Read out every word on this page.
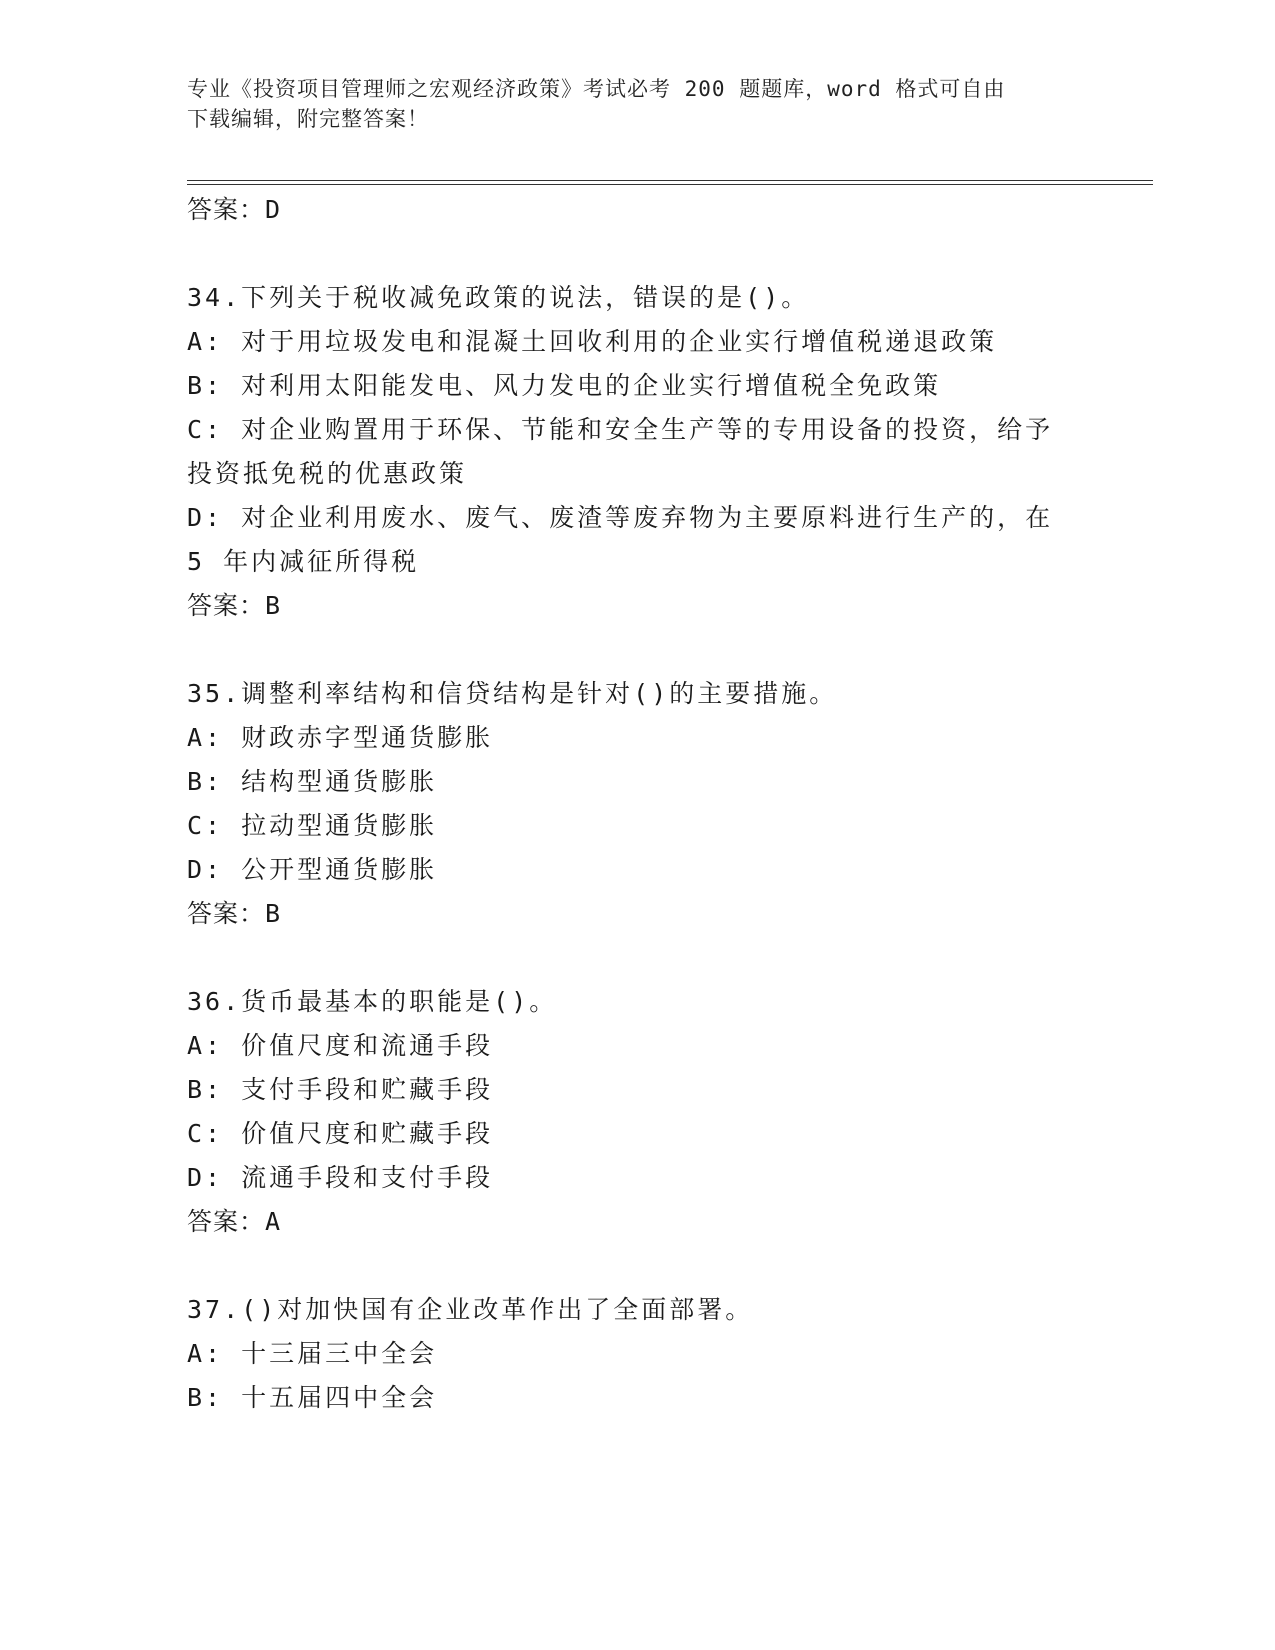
专业《投资项目管理师之宏观经济政策》考试必考 200 题题库，word 格式可自由
下载编辑，附完整答案！
答案：D
34.下列关于税收减免政策的说法，错误的是()。
A: 对于用垃圾发电和混凝土回收利用的企业实行增值税递退政策
B: 对利用太阳能发电、风力发电的企业实行增值税全免政策
C: 对企业购置用于环保、节能和安全生产等的专用设备的投资，给予
投资抵免税的优惠政策
D: 对企业利用废水、废气、废渣等废弃物为主要原料进行生产的，在
5 年内减征所得税
答案：B
35.调整利率结构和信贷结构是针对()的主要措施。
A: 财政赤字型通货膨胀
B: 结构型通货膨胀
C: 拉动型通货膨胀
D: 公开型通货膨胀
答案：B
36.货币最基本的职能是()。
A: 价值尺度和流通手段
B: 支付手段和贮藏手段
C: 价值尺度和贮藏手段
D: 流通手段和支付手段
答案：A
37.()对加快国有企业改革作出了全面部署。
A: 十三届三中全会
B: 十五届四中全会
